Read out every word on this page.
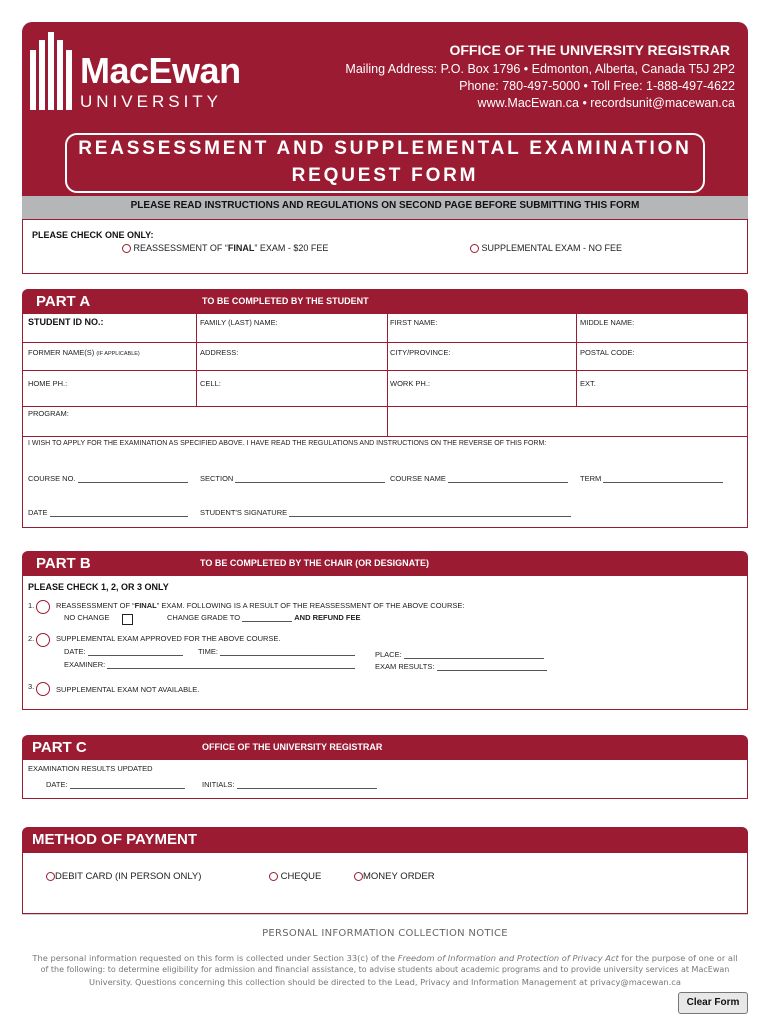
MacEwan
UNIVERSITY
OFFICE OF THE UNIVERSITY REGISTRAR
Mailing Address: P.O. Box 1796 • Edmonton, Alberta, Canada T5J 2P2
Phone: 780-497-5000 • Toll Free: 1-888-497-4622
www.MacEwan.ca • recordsunit@macewan.ca
REASSESSMENT AND SUPPLEMENTAL EXAMINATION
REQUEST FORM
PLEASE READ INSTRUCTIONS AND REGULATIONS ON SECOND PAGE BEFORE SUBMITTING THIS FORM
PLEASE CHECK ONE ONLY:
REASSESSMENT OF “FINAL” EXAM - $20 FEE	SUPPLEMENTAL EXAM - NO FEE
PART A	TO BE COMPLETED BY THE STUDENT
STUDENT ID NO.:	FAMILY (LAST) NAME:	FIRST NAME:	MIDDLE NAME:
FORMER NAME(S) (IF APPLICABLE)	ADDRESS:	CITY/PROVINCE:	POSTAL CODE:
HOME PH.:	CELL:	WORK PH.:	EXT.
PROGRAM:
I WISH TO APPLY FOR THE EXAMINATION AS SPECIFIED ABOVE. I HAVE READ THE REGULATIONS AND INSTRUCTIONS ON THE REVERSE OF THIS FORM:
COURSE NO.	SECTION	COURSE NAME	TERM
DATE	STUDENT'S SIGNATURE
PART B	TO BE COMPLETED BY THE CHAIR (OR DESIGNATE)
PLEASE CHECK 1, 2, OR 3 ONLY
1.	REASSESSMENT OF “FINAL” EXAM. FOLLOWING IS A RESULT OF THE REASSESSMENT OF THE ABOVE COURSE:
NO CHANGE	CHANGE GRADE TO	AND REFUND FEE
2.	SUPPLEMENTAL EXAM APPROVED FOR THE ABOVE COURSE.
DATE:	TIME:	PLACE:
EXAMINER:	EXAM RESULTS:
3.	SUPPLEMENTAL EXAM NOT AVAILABLE.
PART C	OFFICE OF THE UNIVERSITY REGISTRAR
EXAMINATION RESULTS UPDATED
DATE:	INITIALS:
METHOD OF PAYMENT
DEBIT CARD (IN PERSON ONLY)	CHEQUE	MONEY ORDER
PERSONAL INFORMATION COLLECTION NOTICE
The personal information requested on this form is collected under Section 33(c) of the Freedom of Information and Protection of Privacy Act for the purpose of one or all
of the following: to determine eligibility for admission and financial assistance, to advise students about academic programs and to provide university services at MacEwan
University. Questions concerning this collection should be directed to the Lead, Privacy and Information Management at privacy@macewan.ca
Clear Form
